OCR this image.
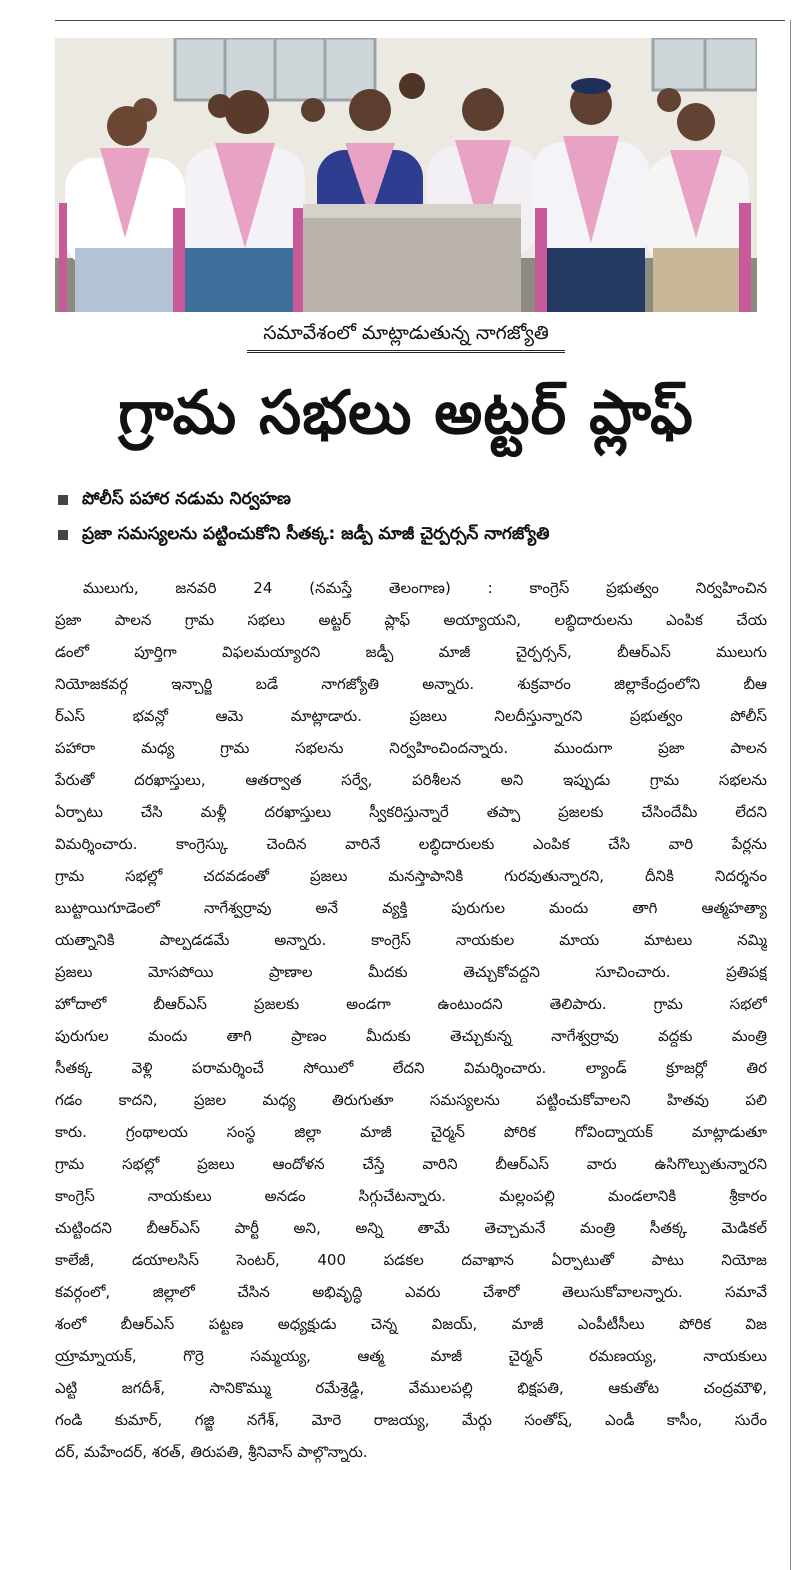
సమావేశంలో మాట్లాడుతున్న నాగజ్యోతి
గ్రామ సభలు అట్టర్ ప్లాఫ్
పోలీస్ పహార నడుమ నిర్వహణ
ప్రజా సమస్యలను పట్టించుకోని సీతక్క: జడ్పీ మాజీ చైర్పర్సన్ నాగజ్యోతి
ములుగు, జనవరి 24 (నమస్తే తెలంగాణ) : కాంగ్రెస్ ప్రభుత్వం నిర్వహించిన
ప్రజా పాలన గ్రామ సభలు అట్టర్ ప్లాఫ్ అయ్యాయని, లబ్ధిదారులను ఎంపిక చేయ
డంలో పూర్తిగా విఫలమయ్యారని జడ్పీ మాజీ చైర్పర్సన్, బీఆర్ఎస్ ములుగు
నియోజకవర్గ ఇన్చార్జి బడే నాగజ్యోతి అన్నారు. శుక్రవారం జిల్లాకేంద్రంలోని బీఆ
ర్ఎస్ భవన్లో ఆమె మాట్లాడారు. ప్రజలు నిలదీస్తున్నారని ప్రభుత్వం పోలీస్
పహారా మధ్య గ్రామ సభలను నిర్వహించిందన్నారు. ముందుగా ప్రజా పాలన
పేరుతో దరఖాస్తులు, ఆతర్వాత సర్వే, పరిశీలన అని ఇప్పుడు గ్రామ సభలను
ఏర్పాటు చేసి మళ్లీ దరఖాస్తులు స్వీకరిస్తున్నారే తప్పా ప్రజలకు చేసిందేమీ లేదని
విమర్శించారు. కాంగ్రెస్కు చెందిన వారినే లబ్ధిదారులకు ఎంపిక చేసి వారి పేర్లను
గ్రామ సభల్లో చదవడంతో ప్రజలు మనస్తాపానికి గురవుతున్నారని, దీనికి నిదర్శనం
బుట్టాయిగూడెంలో నాగేశ్వర్రావు అనే వ్యక్తి పురుగుల మందు తాగి ఆత్మహత్యా
యత్నానికి పాల్పడడమే అన్నారు. కాంగ్రెస్ నాయకుల మాయ మాటలు నమ్మి
ప్రజలు మోసపోయి ప్రాణాల మీదకు తెచ్చుకోవద్దని సూచించారు. ప్రతిపక్ష
హోదాలో బీఆర్ఎస్ ప్రజలకు అండగా ఉంటుందని తెలిపారు. గ్రామ సభలో
పురుగుల మందు తాగి ప్రాణం మీదుకు తెచ్చుకున్న నాగేశ్వర్రావు వద్దకు మంత్రి
సీతక్క వెళ్లి పరామర్శించే సోయిలో లేదని విమర్శించారు. ల్యాండ్ క్రూజర్లో తిర
గడం కాదని, ప్రజల మధ్య తిరుగుతూ సమస్యలను పట్టించుకోవాలని హితవు పలి
కారు. గ్రంథాలయ సంస్థ జిల్లా మాజీ చైర్మన్ పోరిక గోవింద్నాయక్ మాట్లాడుతూ
గ్రామ సభల్లో ప్రజలు ఆందోళన చేస్తే వారిని బీఆర్ఎస్ వారు ఉసిగొల్పుతున్నారని
కాంగ్రెస్ నాయకులు అనడం సిగ్గుచేటన్నారు. మల్లంపల్లి మండలానికి శ్రీకారం
చుట్టిందని బీఆర్ఎస్ పార్టీ అని, అన్ని తామే తెచ్చామనే మంత్రి సీతక్క మెడికల్
కాలేజీ, డయాలసిస్ సెంటర్, 400 పడకల దవాఖాన ఏర్పాటుతో పాటు నియోజ
కవర్గంలో, జిల్లాలో చేసిన అభివృద్ధి ఎవరు చేశారో తెలుసుకోవాలన్నారు. సమావే
శంలో బీఆర్ఎస్ పట్టణ అధ్యక్షుడు చెన్న విజయ్, మాజీ ఎంపీటీసీలు పోరిక విజ
య్రామ్నాయక్, గొర్రె సమ్మయ్య, ఆత్మ మాజీ చైర్మన్ రమణయ్య, నాయకులు
ఎట్టి జగదీశ్, సానికొమ్ము రమేశ్రెడ్డి, వేములపల్లి భిక్షపతి, ఆకుతోట చంద్రమౌళి,
గండి కుమార్, గజ్జి నగేశ్, మోరె రాజయ్య, మేర్గు సంతోష్, ఎండీ కాసీం, సురేం
దర్, మహేందర్, శరత్, తిరుపతి, శ్రీనివాస్ పాల్గొన్నారు.
